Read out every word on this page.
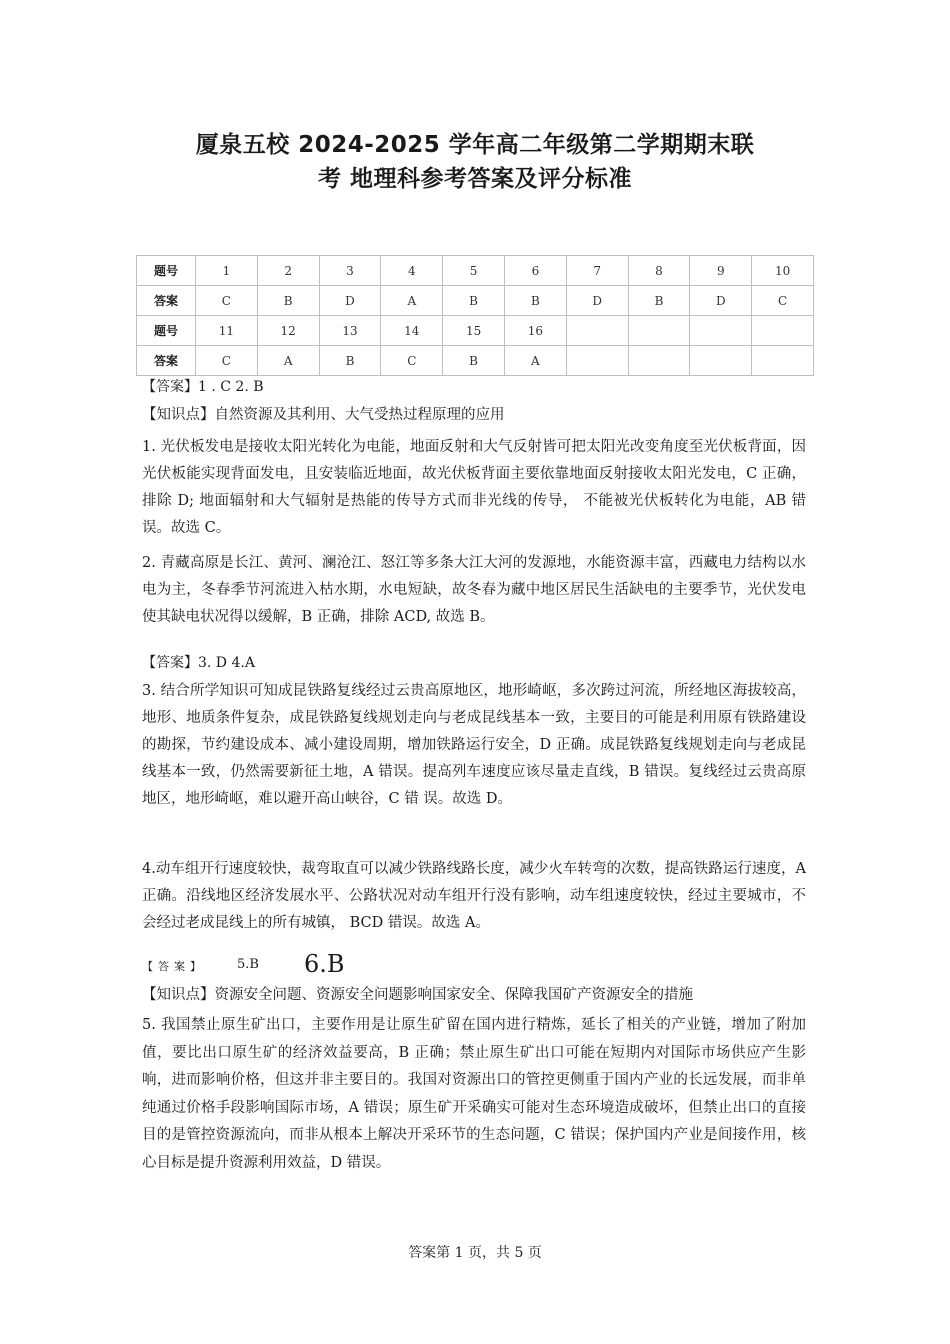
厦泉五校 2024-2025 学年高二年级第二学期期末联
考 地理科参考答案及评分标准
题号	1	2	3	4	5	6	7	8	9	10
答案	C	B	D	A	B	B	D	B	D	C
题号	11	12	13	14	15	16				
答案	C	A	B	C	B	A				
【答案】1 . C 2. B
【知识点】自然资源及其利用、大气受热过程原理的应用
1. 光伏板发电是接收太阳光转化为电能，地面反射和大气反射皆可把太阳光改变角度至光伏板背面，因光伏板能实现背面发电，且安装临近地面，故光伏板背面主要依靠地面反射接收太阳光发电，C 正确，排除 D; 地面辐射和大气辐射是热能的传导方式而非光线的传导， 不能被光伏板转化为电能，AB 错误。故选 C。
2. 青藏高原是长江、黄河、澜沧江、怒江等多条大江大河的发源地，水能资源丰富，西藏电力结构以水电为主，冬春季节河流进入枯水期，水电短缺，故冬春为藏中地区居民生活缺电的主要季节，光伏发电使其缺电状况得以缓解，B 正确，排除 ACD, 故选 B。
【答案】3. D 4.A
3. 结合所学知识可知成昆铁路复线经过云贵高原地区，地形崎岖，多次跨过河流，所经地区海拔较高，地形、地质条件复杂，成昆铁路复线规划走向与老成昆线基本一致，主要目的可能是利用原有铁路建设的勘探，节约建设成本、减小建设周期，增加铁路运行安全，D 正确。成昆铁路复线规划走向与老成昆线基本一致，仍然需要新征土地，A 错误。提高列车速度应该尽量走直线，B 错误。复线经过云贵高原地区，地形崎岖，难以避开高山峡谷，C 错 误。故选 D。
4.动车组开行速度较快，裁弯取直可以减少铁路线路长度，减少火车转弯的次数，提高铁路运行速度，A 正确。沿线地区经济发展水平、公路状况对动车组开行没有影响，动车组速度较快，经过主要城市，不会经过老成昆线上的所有城镇， BCD 错误。故选 A。
【答案】 5.B 6.B
【知识点】资源安全问题、资源安全问题影响国家安全、保障我国矿产资源安全的措施
5. 我国禁止原生矿出口，主要作用是让原生矿留在国内进行精炼，延长了相关的产业链，增加了附加值，要比出口原生矿的经济效益要高，B 正确；禁止原生矿出口可能在短期内对国际市场供应产生影响，进而影响价格，但这并非主要目的。我国对资源出口的管控更侧重于国内产业的长远发展，而非单纯通过价格手段影响国际市场，A 错误；原生矿开采确实可能对生态环境造成破坏，但禁止出口的直接目的是管控资源流向，而非从根本上解决开采环节的生态问题，C 错误；保护国内产业是间接作用，核心目标是提升资源利用效益，D 错误。
答案第 1 页，共 5 页
